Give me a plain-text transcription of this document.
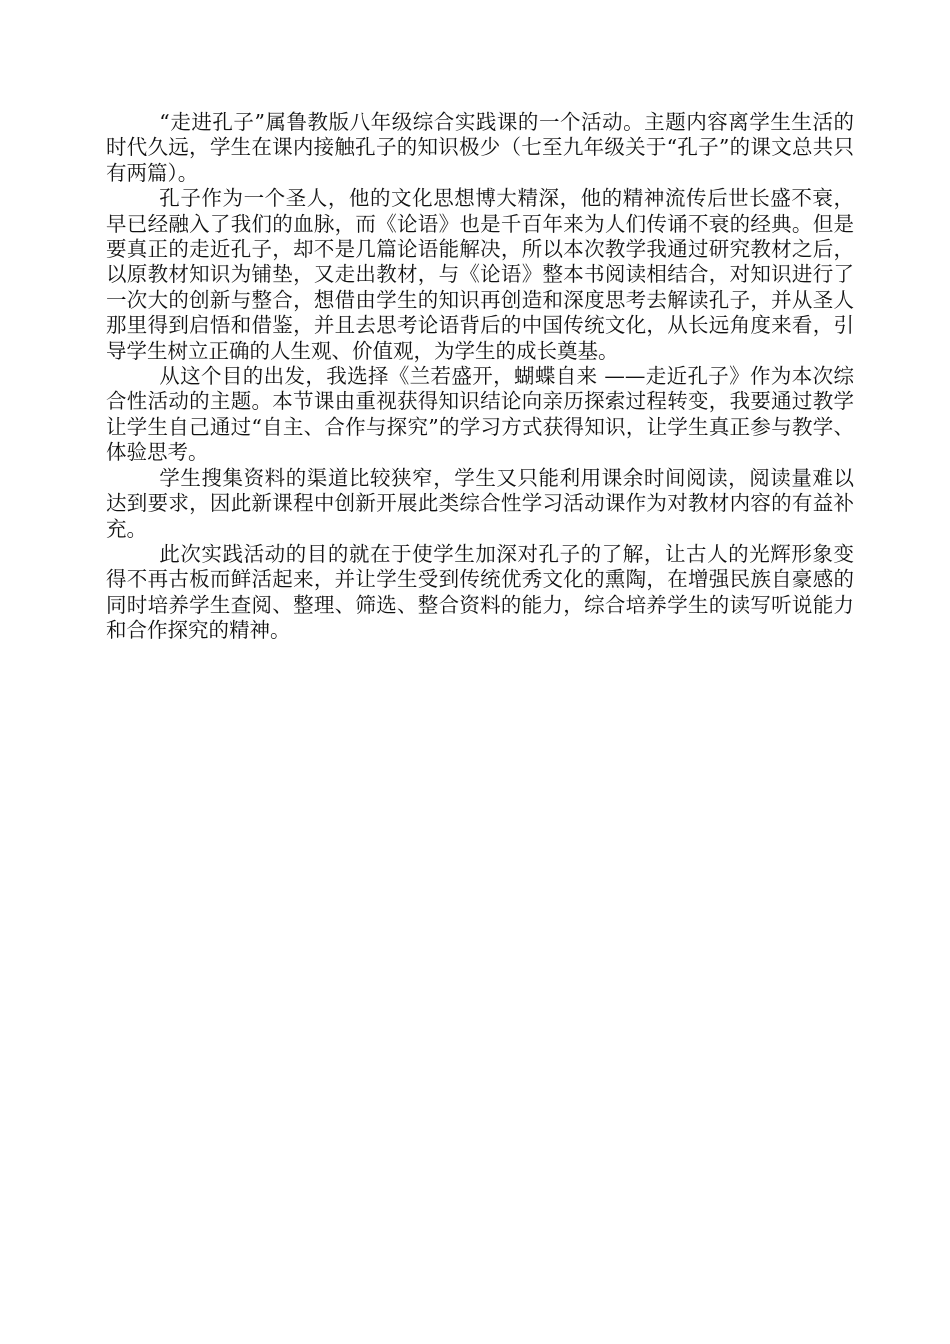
“走进孔子”属鲁教版八年级综合实践课的一个活动。主题内容离学生生活的时代久远，学生在课内接触孔子的知识极少（七至九年级关于“孔子”的课文总共只有两篇）。

孔子作为一个圣人，他的文化思想博大精深，他的精神流传后世长盛不衰，早已经融入了我们的血脉，而《论语》也是千百年来为人们传诵不衰的经典。但是要真正的走近孔子，却不是几篇论语能解决，所以本次教学我通过研究教材之后，以原教材知识为铺垫，又走出教材，与《论语》整本书阅读相结合，对知识进行了一次大的创新与整合，想借由学生的知识再创造和深度思考去解读孔子，并从圣人那里得到启悟和借鉴，并且去思考论语背后的中国传统文化，从长远角度来看，引导学生树立正确的人生观、价值观，为学生的成长奠基。

从这个目的出发，我选择《兰若盛开，蝴蝶自来 ——走近孔子》作为本次综合性活动的主题。本节课由重视获得知识结论向亲历探索过程转变，我要通过教学让学生自己通过“自主、合作与探究”的学习方式获得知识，让学生真正参与教学、体验思考。

学生搜集资料的渠道比较狭窄，学生又只能利用课余时间阅读，阅读量难以达到要求，因此新课程中创新开展此类综合性学习活动课作为对教材内容的有益补充。

此次实践活动的目的就在于使学生加深对孔子的了解，让古人的光辉形象变得不再古板而鲜活起来，并让学生受到传统优秀文化的熏陶，在增强民族自豪感的同时培养学生查阅、整理、筛选、整合资料的能力，综合培养学生的读写听说能力和合作探究的精神。
